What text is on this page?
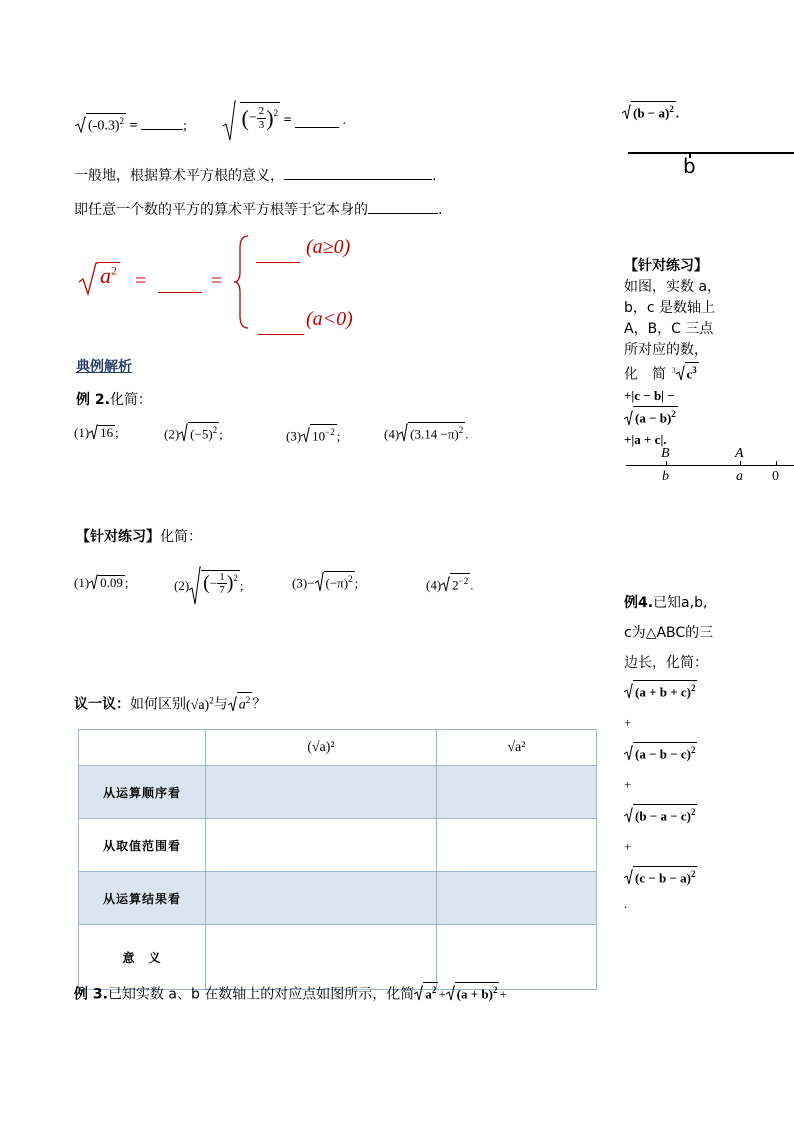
$(-0.3)^2$ =	;	(− $\frac{2}{3} )^2$ =	.
一般地，根据算术平方根的意义，	.
即任意一个数的平方的算术平方根等于它本身的	.
$a^2$ =	=
(a≥0)
(a<0)
典例解析
例 2.化简：
(1) 16 ;	(2) $(-5)^2$ ;	(3) $10^{-2}$ ;	(4) $(3.14 -\pi)^2$ .
【针对练习】化简：
(1) 0.09 ;	(2) (− $\frac{1}{7} )^2$ ;	$(3)- (-\pi)^2$ ;	(4) $2^{-2}$ .
议一议：如何区别$(√a)^2$与 $a^2$ ？
	(√a)²	√a²
从运算顺序看		
从取值范围看		
从运算结果看		
意　义		
例 3.已知实数 a、b 在数轴上的对应点如图所示，化简 $a^2 + (a + b)^2$ +
$(b - a)^2$ .
b
【针对练习】
如图，实数 a，
b，c 是数轴上
A，B，C 三点
所对应的数，
化　简 $^3$ $c^3$
+|c − b| −
$(a - b)^2$
+|a + c|.
B	A
b	a 0
例4.已知a,b,
c为△ABC的三
边长，化简：
$(a + b + c)^2$
+
$(a - b - c)^2$
+
$(b - a - c)^2$
+
$(c - b - a)^2$
.
